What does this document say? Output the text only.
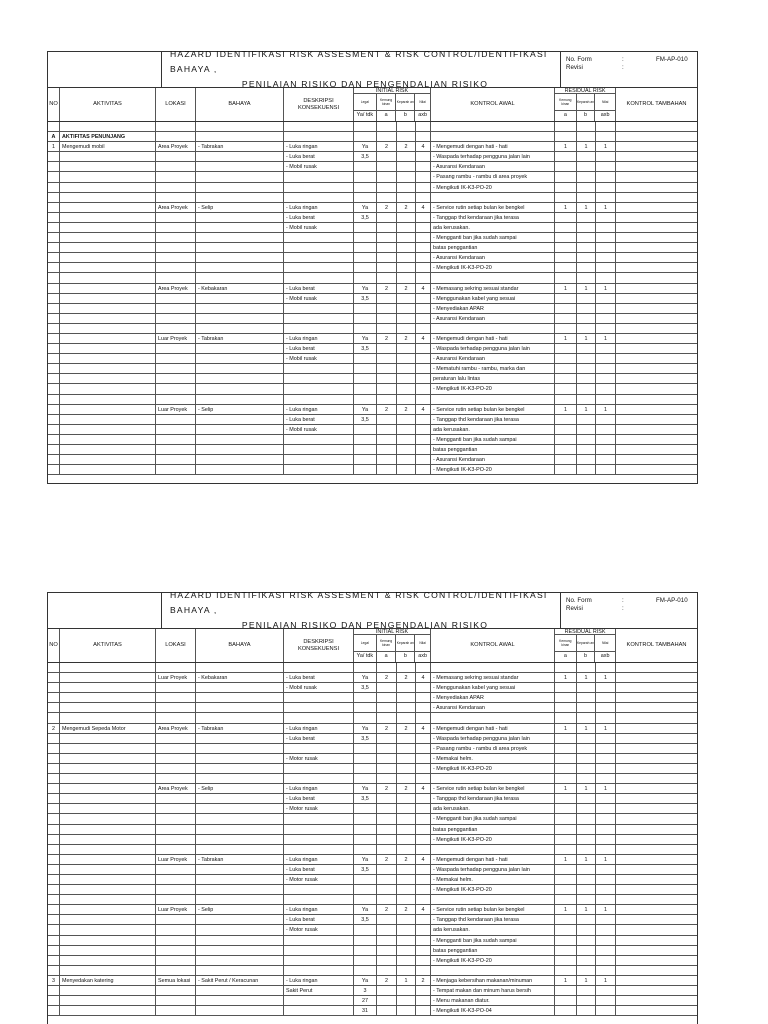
HAZARD IDENTIFIKASI RISK ASSESMENT & RISK CONTROL/IDENTIFIKASI BAHAYA ,
PENILAIAN RISIKO DAN PENGENDALIAN RISIKO
No. Form	:	FM-AP-010
Revisi	:
NO	AKTIVITAS	LOKASI	BAHAYA
DESKRIPSI
KONSEKUENSI
INITIAL RISK
Legal	Kemung kinan	Keparah an	Nilai
Ya/ tdk	a	b	axb
KONTROL AWAL
RESIDUAL RISK
Kemung kinan	Keparah an	Nilai
a	b	axb
KONTROL TAMBAHAN
A	AKTIFITAS PENUNJANG
1	Mengemudi mobil	Area Proyek	- Tabrakan	- Luka ringan	Ya	2	2	4	- Mengemudi dengan hati - hati	1	1	1
- Luka berat	3,5	- Waspada terhadap pengguna jalan lain
- Mobil rusak	- Asuransi Kendaraan
- Pasang rambu - rambu di area proyek
- Mengikuti IK-K3-PO-20
Area Proyek	- Selip	- Luka ringan	Ya	2	2	4	- Service rutin setiap bulan ke bengkel	1	1	1
- Luka berat	3,5	- Tanggap thd kendaraan jika terasa
- Mobil rusak	ada kerusakan.
- Mengganti ban jika sudah sampai
batas penggantian
- Asuransi Kendaraan
- Mengikuti IK-K3-PO-20
Area Proyek	- Kebakaran	- Luka berat	Ya	2	2	4	- Memasang sekring sesuai standar	1	1	1
- Mobil rusak	3,5	- Menggunakan kabel yang sesuai
- Menyediakan APAR
- Asuransi Kendaraan
Luar Proyek	- Tabrakan	- Luka ringan	Ya	2	2	4	- Mengemudi dengan hati - hati	1	1	1
- Luka berat	3,5	- Waspada terhadap pengguna jalan lain
- Mobil rusak	- Asuransi Kendaraan
- Mematuhi rambu - rambu, marka dan
peraturan lalu lintas
- Mengikuti IK-K3-PO-20
Luar Proyek	- Selip	- Luka ringan	Ya	2	2	4	- Service rutin setiap bulan ke bengkel	1	1	1
- Luka berat	3,5	- Tanggap thd kendaraan jika terasa
- Mobil rusak	ada kerusakan.
- Mengganti ban jika sudah sampai
batas penggantian
- Asuransi Kendaraan
- Mengikuti IK-K3-PO-20
HAZARD IDENTIFIKASI RISK ASSESMENT & RISK CONTROL/IDENTIFIKASI BAHAYA ,
PENILAIAN RISIKO DAN PENGENDALIAN RISIKO
No. Form	:	FM-AP-010
Revisi	:
NO	AKTIVITAS	LOKASI	BAHAYA
DESKRIPSI
KONSEKUENSI
INITIAL RISK
Legal	Kemung kinan	Keparah an	Nilai
Ya/ tdk	a	b	axb
KONTROL AWAL
RESIDUAL RISK
Kemung kinan	Keparah an	Nilai
a	b	axb
KONTROL TAMBAHAN
Luar Proyek	- Kebakaran	- Luka berat	Ya	2	2	4	- Memasang sekring sesuai standar	1	1	1
- Mobil rusak	3,5	- Menggunakan kabel yang sesuai
- Menyediakan APAR
- Asuransi Kendaraan
2	Mengemudi Sepeda Motor	Area Proyek	- Tabrakan	- Luka ringan	Ya	2	2	4	- Mengemudi dengan hati - hati	1	1	1
- Luka berat	3,5	- Waspada terhadap pengguna jalan lain
- Pasang rambu - rambu di area proyek
- Motor rusak	- Memakai helm.
- Mengikuti IK-K3-PO-20
Area Proyek	- Selip	- Luka ringan	Ya	2	2	4	- Service rutin setiap bulan ke bengkel	1	1	1
- Luka berat	3,5	- Tanggap thd kendaraan jika terasa
- Motor rusak	ada kerusakan.
- Mengganti ban jika sudah sampai
batas penggantian
- Mengikuti IK-K3-PO-20
Luar Proyek	- Tabrakan	- Luka ringan	Ya	2	2	4	- Mengemudi dengan hati - hati	1	1	1
- Luka berat	3,5	- Waspada terhadap pengguna jalan lain
- Motor rusak	- Memakai helm.
- Mengikuti IK-K3-PO-20
Luar Proyek	- Selip	- Luka ringan	Ya	2	2	4	- Service rutin setiap bulan ke bengkel	1	1	1
- Luka berat	3,5	- Tanggap thd kendaraan jika terasa
- Motor rusak	ada kerusakan.
- Mengganti ban jika sudah sampai
batas penggantian
- Mengikuti IK-K3-PO-20
3	Menyedakan katering	Semua lokasi	- Sakit Perut / Keracunan	- Luka ringan	Ya	2	1	2	- Menjaga kebersihan makanan/minuman	1	1	1
Sakit Perut	3	- Tempat makan dan minum harus bersih
27	- Menu makanan diatur.
31	- Mengikuti IK-K3-PO-04
